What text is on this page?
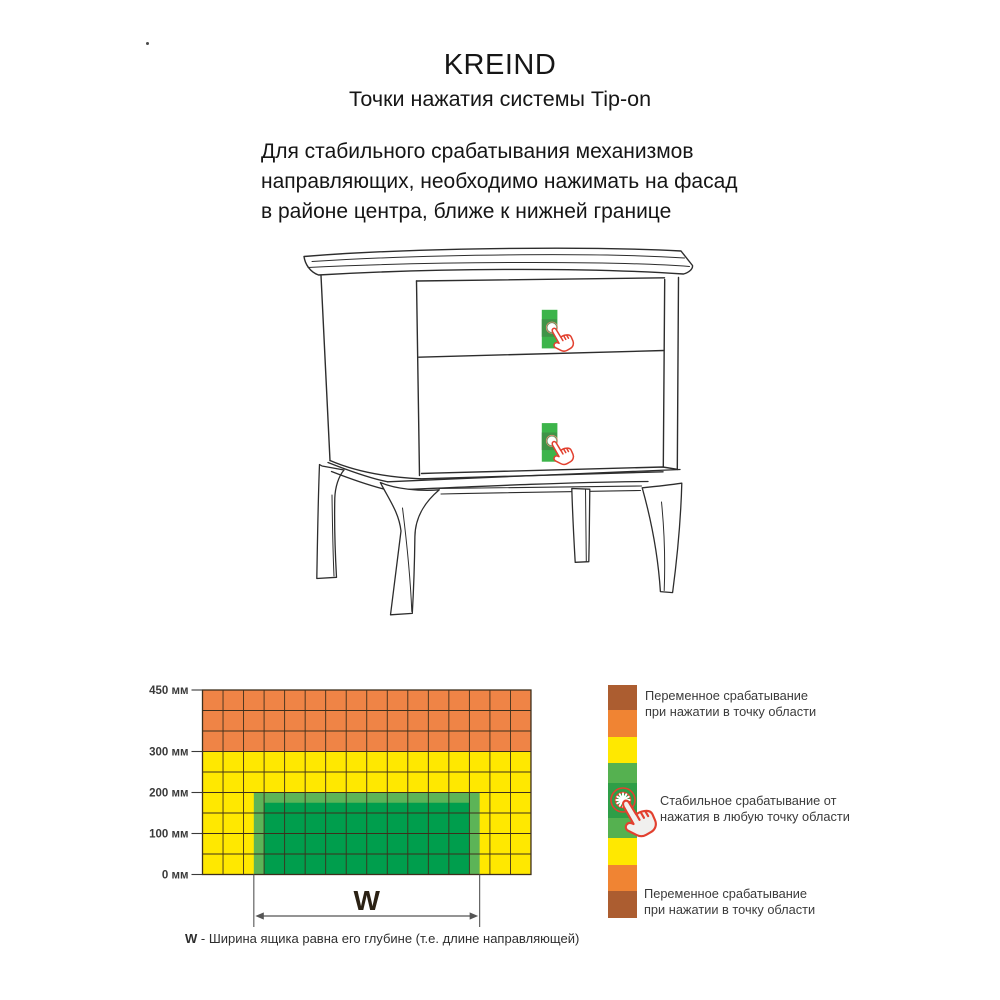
KREIND
Точки нажатия системы Tip-on
Для стабильного срабатывания механизмов
направляющих, необходимо нажимать на фасад
в районе центра, ближе к нижней границе
450 мм
300 мм
200 мм
100 мм
0 мм
W
W - Ширина ящика равна его глубине (т.е. длине направляющей)
Переменное срабатывание
при нажатии в точку области
Стабильное срабатывание от
нажатия в любую точку области
Переменное срабатывание
при нажатии в точку области
